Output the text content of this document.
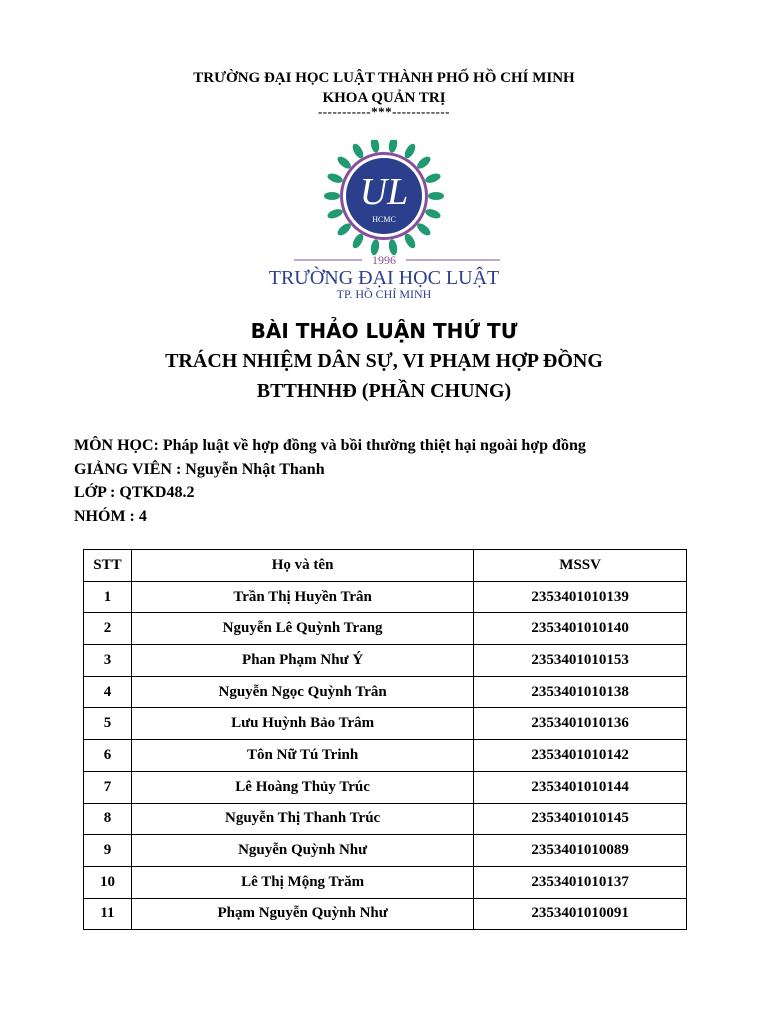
TRƯỜNG ĐẠI HỌC LUẬT THÀNH PHỐ HỒ CHÍ MINH
KHOA QUẢN TRỊ
-----------***------------
UL
HCMC
1996
TRƯỜNG ĐẠI HỌC LUẬT
TP. HỒ CHÍ MINH
BÀI THẢO LUẬN THỨ TƯ
TRÁCH NHIỆM DÂN SỰ, VI PHẠM HỢP ĐỒNG
BTTHNHĐ (PHẦN CHUNG)
MÔN HỌC: Pháp luật về hợp đồng và bồi thường thiệt hại ngoài hợp đồng
GIẢNG VIÊN : Nguyễn Nhật Thanh
LỚP : QTKD48.2
NHÓM : 4
STT	Họ và tên	MSSV
1	Trần Thị Huyền Trân	2353401010139
2	Nguyễn Lê Quỳnh Trang	2353401010140
3	Phan Phạm Như Ý	2353401010153
4	Nguyễn Ngọc Quỳnh Trân	2353401010138
5	Lưu Huỳnh Bảo Trâm	2353401010136
6	Tôn Nữ Tú Trinh	2353401010142
7	Lê Hoàng Thủy Trúc	2353401010144
8	Nguyễn Thị Thanh Trúc	2353401010145
9	Nguyễn Quỳnh Như	2353401010089
10	Lê Thị Mộng Trăm	2353401010137
11	Phạm Nguyễn Quỳnh Như	2353401010091
